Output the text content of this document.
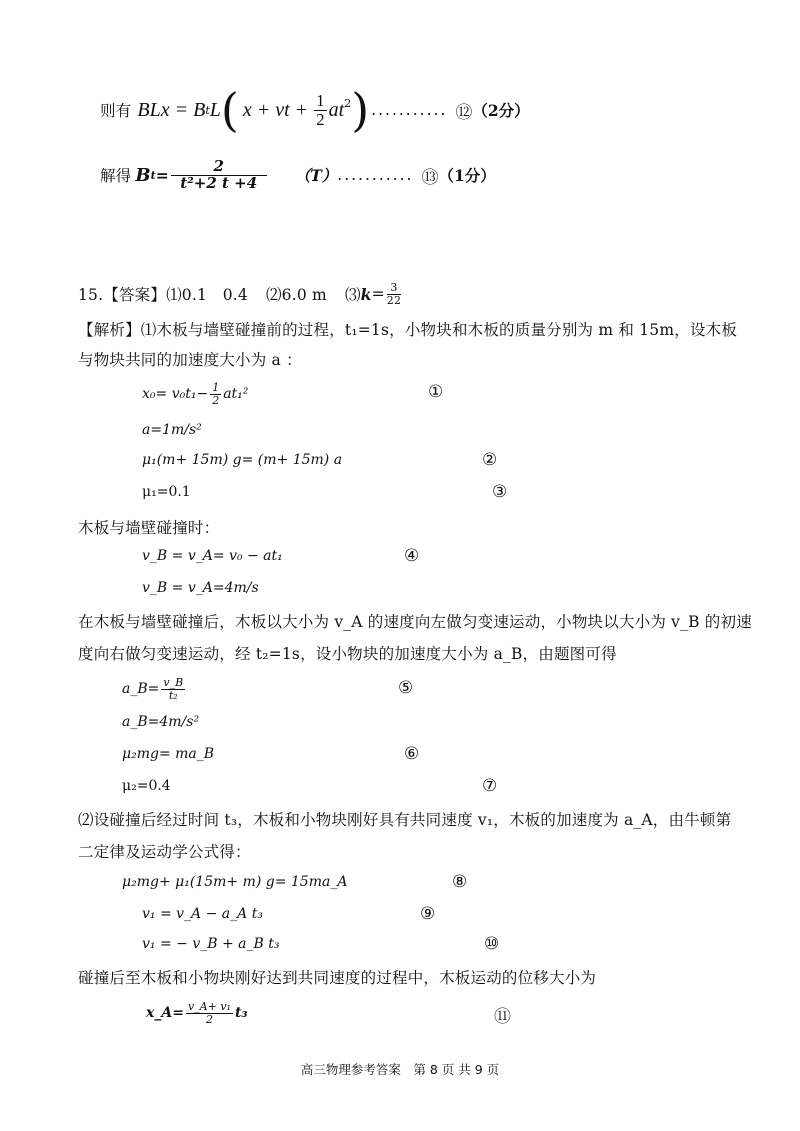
则有 BLx = B t L ( x + vt + $\frac{1}{2} at^2$ ) ........... ⑫ （2分）
解得 B $t = \frac{2}{\text{t²+2 t +4}} (T)$ ........... ⑬ （1分）
15.【答案】 ⑴0.1　0.4 ⑵6.0 m ⑶ $k = \frac{3}{22}$
【解析】⑴木板与墙壁碰撞前的过程，t₁=1s，小物块和木板的质量分别为 m 和 15m，设木板
与物块共同的加速度大小为 a ：
$x_0= v_0t_1- \frac{1}{2} at_1^2$	①
a=1m/s²
μ₁(m+ 15m) g= (m+ 15m) a	②
μ₁=0.1	③
木板与墙壁碰撞时：
v_B = v_A= v₀ − at₁	④
v_B = v_A=4m/s
在木板与墙壁碰撞后，木板以大小为 v_A 的速度向左做匀变速运动，小物块以大小为 v_B 的初速
度向右做匀变速运动，经 t₂=1s，设小物块的加速度大小为 a_B，由题图可得
a_B= $\frac{v\_B}{\text{t₂}}$	⑤
a_B=4m/s²
μ₂mg= ma_B	⑥
μ₂=0.4	⑦
⑵设碰撞后经过时间 t₃，木板和小物块刚好具有共同速度 v₁，木板的加速度为 a_A，由牛顿第
二定律及运动学公式得：
μ₂mg+ μ₁(15m+ m) g= 15ma_A	⑧
v₁ = v_A − a_A t₃	⑨
v₁ = − v_B + a_B t₃	⑩
碰撞后至木板和小物块刚好达到共同速度的过程中，木板运动的位移大小为
x_A= $\frac{\text{v\_A+ v₁}}{2} t_3$	⑪
高三物理参考答案　第 8 页 共 9 页
